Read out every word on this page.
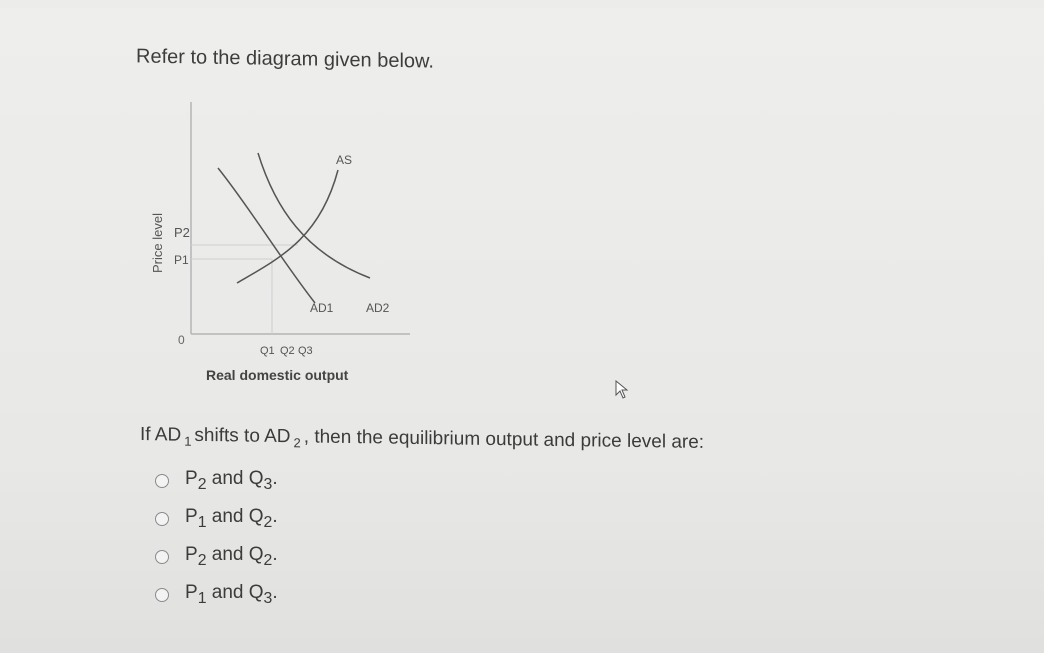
Refer to the diagram given below.
Price level P2
P1
0
AS
AD1	AD2
Q1 Q2 Q3
Real domestic output
If AD $_1$ shifts to AD $_2$ , then the equilibrium output and price level are:
$P_2$ and $Q_3$.
$P_1$ and $Q_2$.
$P_2$ and $Q_2$.
$P_1$ and $Q_3$.
